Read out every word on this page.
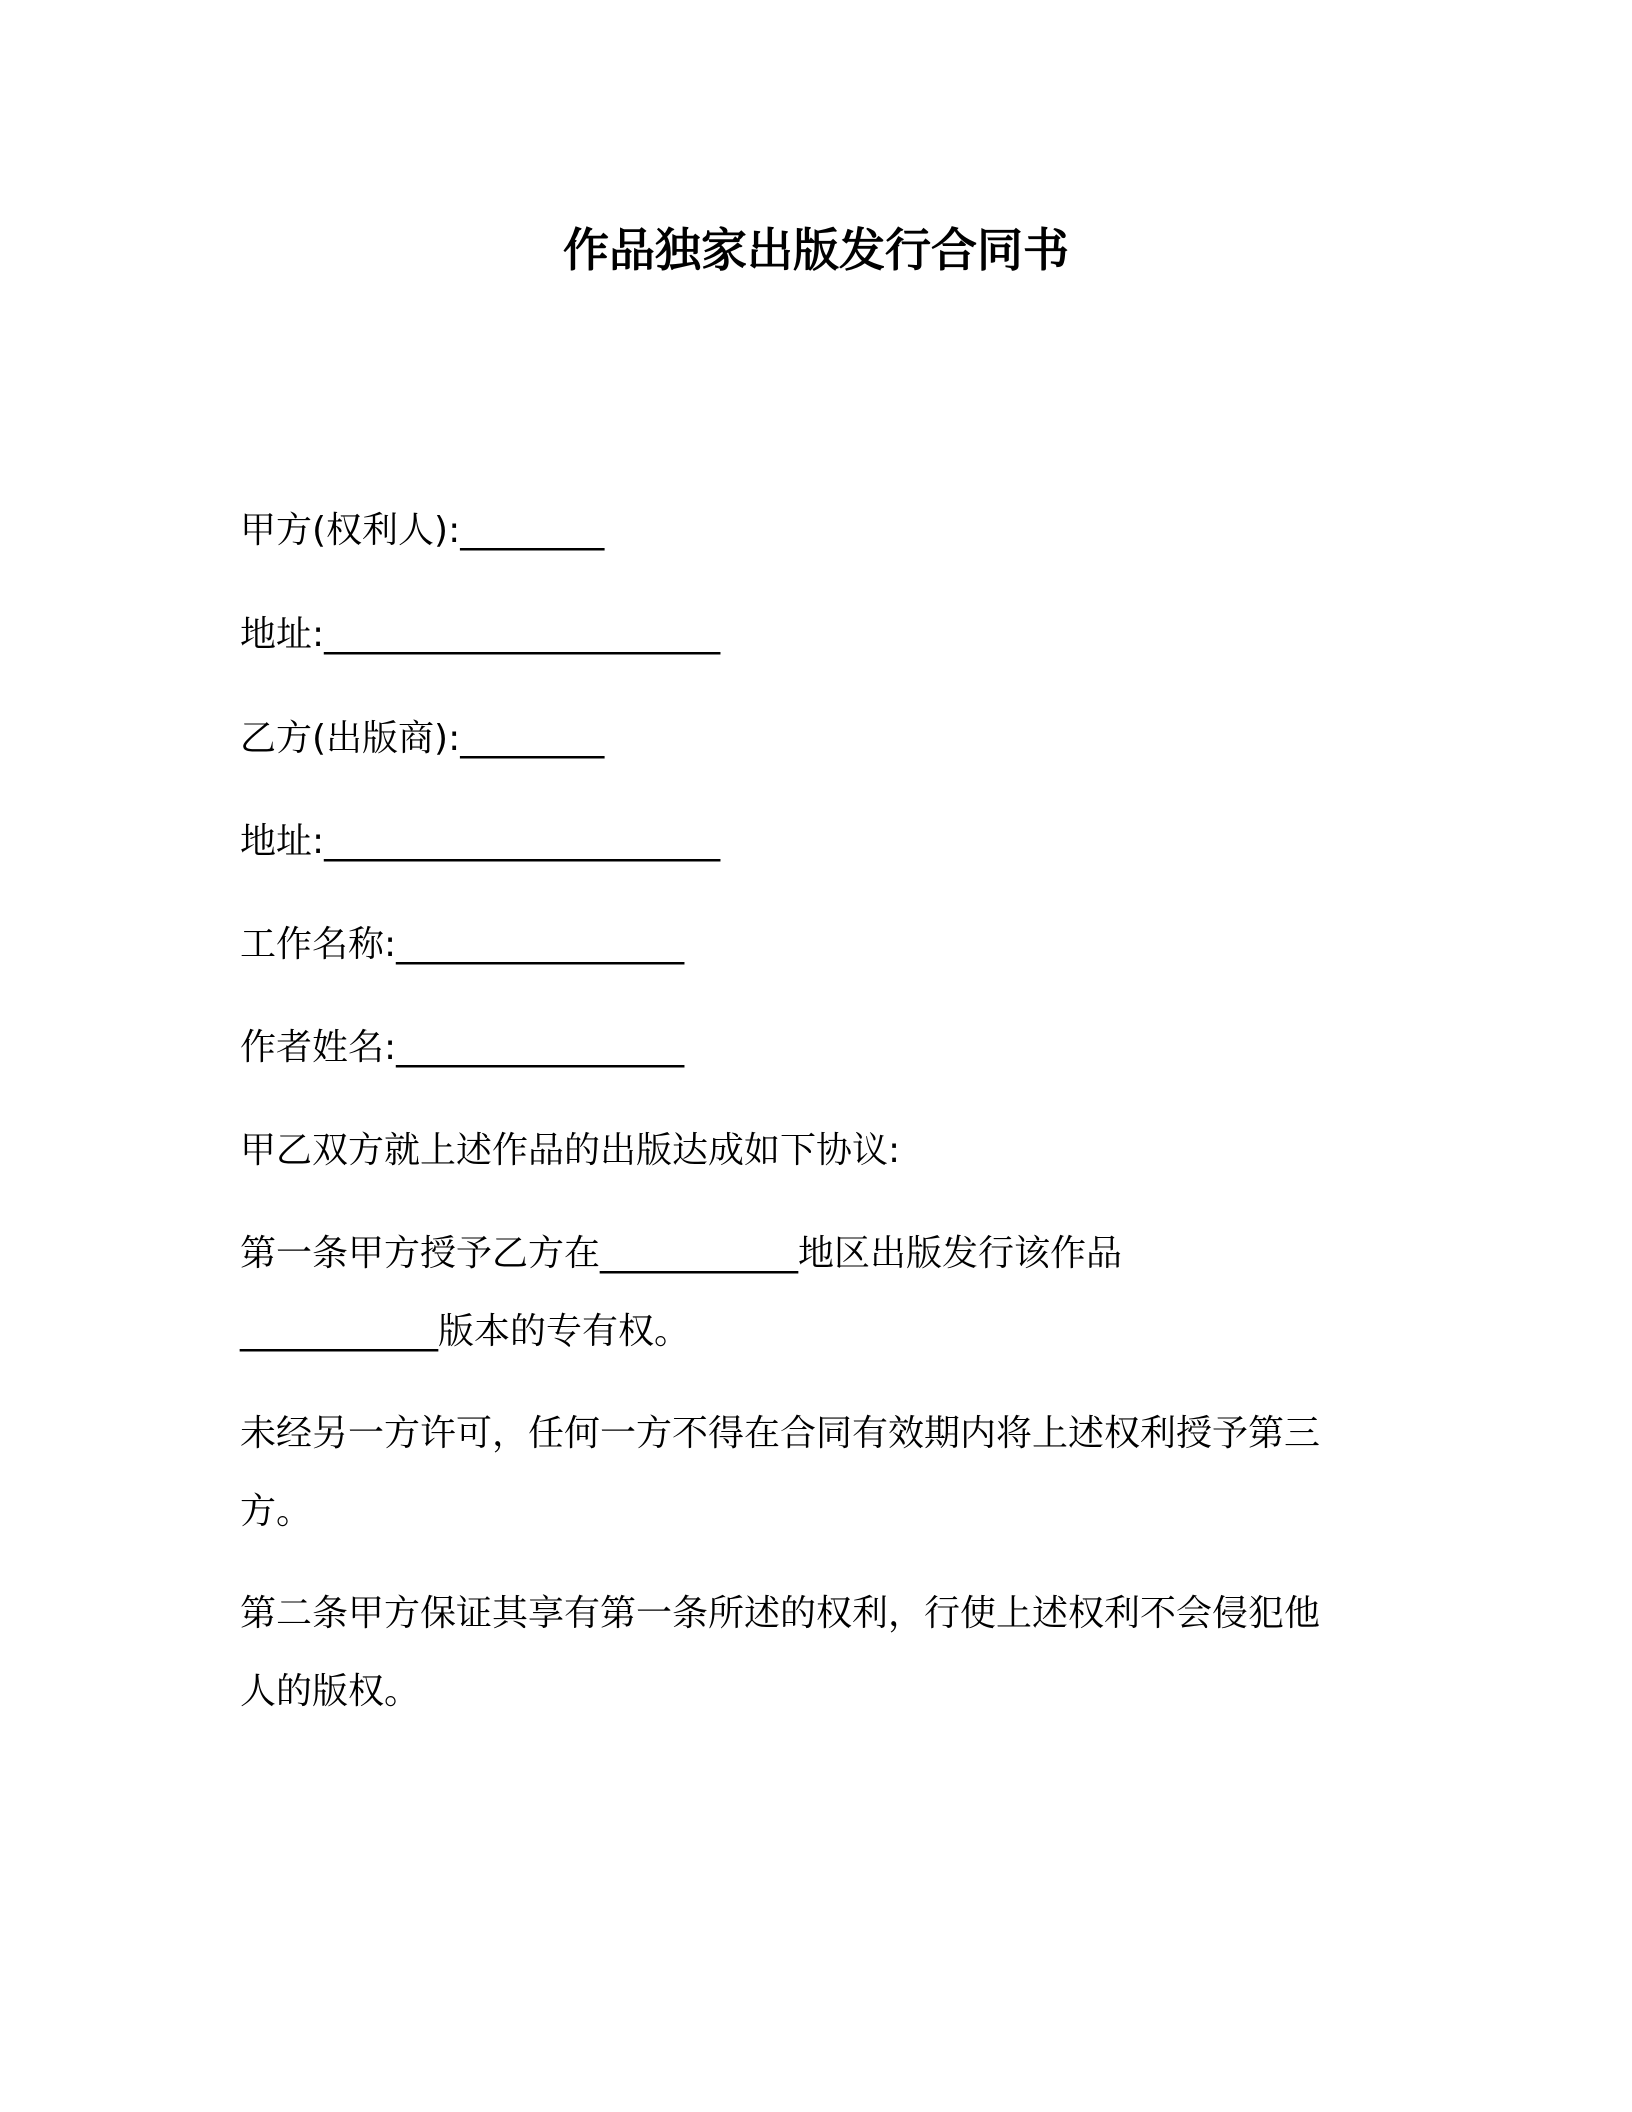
作品独家出版发行合同书
甲方(权利人):________
地址:______________________
乙方(出版商):________
地址:______________________
工作名称:________________
作者姓名:________________
甲乙双方就上述作品的出版达成如下协议:
第一条甲方授予乙方在___________地区出版发行该作品
___________版本的专有权。
未经另一方许可，任何一方不得在合同有效期内将上述权利授予第三
方。
第二条甲方保证其享有第一条所述的权利，行使上述权利不会侵犯他
人的版权。
